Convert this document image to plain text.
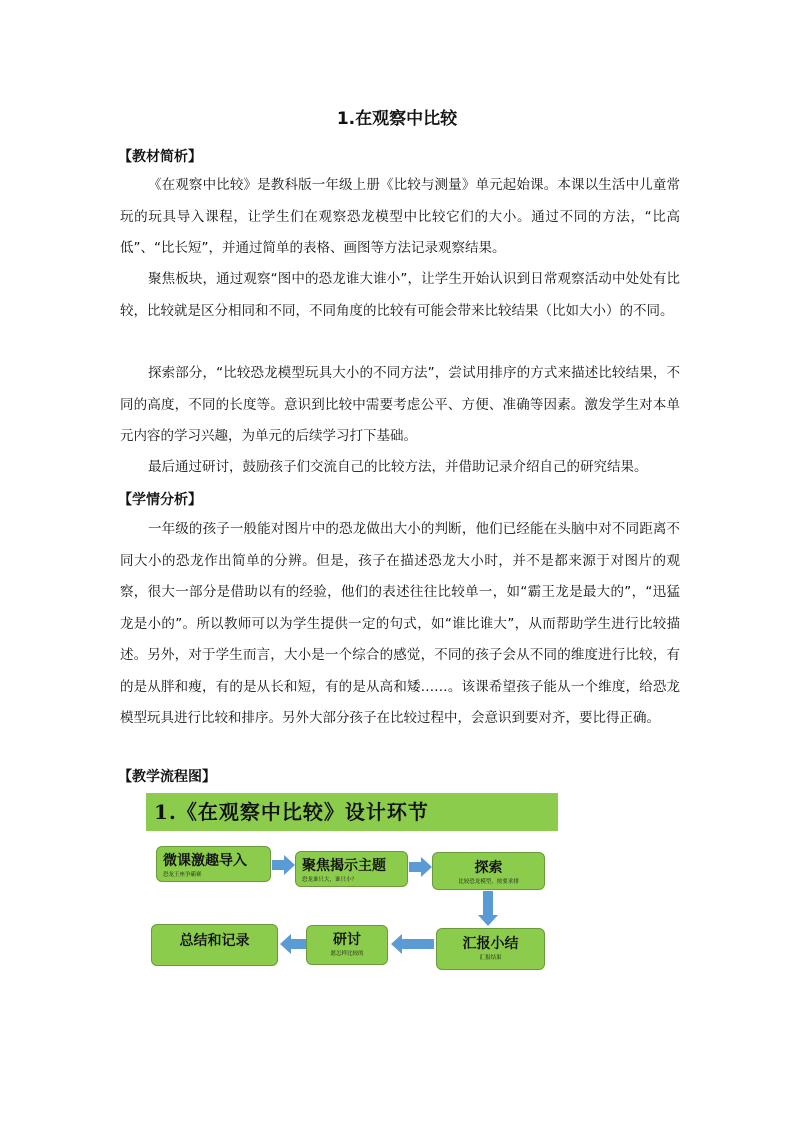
1.在观察中比较
【教材简析】

《在观察中比较》是教科版一年级上册《比较与测量》单元起始课。本课以生活中儿童常玩的玩具导入课程，让学生们在观察恐龙模型中比较它们的大小。通过不同的方法，“比高低”、“比长短”，并通过简单的表格、画图等方法记录观察结果。

聚焦板块，通过观察“图中的恐龙谁大谁小”，让学生开始认识到日常观察活动中处处有比较，比较就是区分相同和不同，不同角度的比较有可能会带来比较结果（比如大小）的不同。

探索部分，“比较恐龙模型玩具大小的不同方法”，尝试用排序的方式来描述比较结果，不同的高度，不同的长度等。意识到比较中需要考虑公平、方便、准确等因素。激发学生对本单元内容的学习兴趣，为单元的后续学习打下基础。

最后通过研讨，鼓励孩子们交流自己的比较方法，并借助记录介绍自己的研究结果。

【学情分析】

一年级的孩子一般能对图片中的恐龙做出大小的判断，他们已经能在头脑中对不同距离不同大小的恐龙作出简单的分辨。但是，孩子在描述恐龙大小时，并不是都来源于对图片的观察，很大一部分是借助以有的经验，他们的表述往往比较单一，如“霸王龙是最大的”，“迅猛龙是小的”。所以教师可以为学生提供一定的句式，如“谁比谁大”，从而帮助学生进行比较描述。另外，对于学生而言，大小是一个综合的感觉，不同的孩子会从不同的维度进行比较，有的是从胖和瘦，有的是从长和短，有的是从高和矮……。该课希望孩子能从一个维度，给恐龙模型玩具进行比较和排序。另外大部分孩子在比较过程中，会意识到要对齐，要比得正确。

【教学流程图】
1.《在观察中比较》设计环节
微课激趣导入
恐龙王座争霸赛
聚焦揭示主题
恐龙谁只大，谁只小？
探索
比较恐龙模型，按要求排
汇报小结
汇报结果
研讨
愿怎样比较的
总结和记录
